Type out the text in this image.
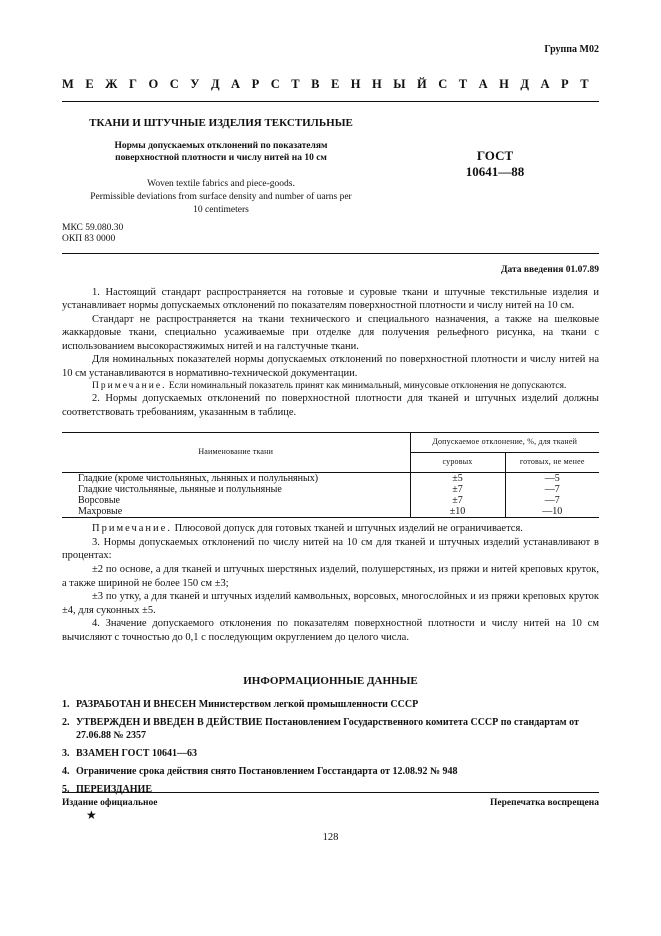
Группа М02
М Е Ж Г О С У Д А Р С Т В Е Н Н Ы Й С Т А Н Д А Р Т
ТКАНИ И ШТУЧНЫЕ ИЗДЕЛИЯ ТЕКСТИЛЬНЫЕ
Нормы допускаемых отклонений по показателям
поверхностной плотности и числу нитей на 10 см
Woven textile fabrics and piece-goods.
Permissible deviations from surface density and number of uarns per
10 centimeters
ГОСТ
10641—88
МКС 59.080.30
ОКП 83 0000
Дата введения 01.07.89

1. Настоящий стандарт распространяется на готовые и суровые ткани и штучные текстильные изделия и устанавливает нормы допускаемых отклонений по показателям поверхностной плотности и числу нитей на 10 см.

Стандарт не распространяется на ткани технического и специального назначения, а также на шелковые жаккардовые ткани, специально усаживаемые при отделке для получения рельефного рисунка, на ткани с использованием высокорастяжимых нитей и на галстучные ткани.

Для номинальных показателей нормы допускаемых отклонений по поверхностной плотности и числу нитей на 10 см устанавливаются в нормативно-технической документации.

Примечание. Если номинальный показатель принят как минимальный, минусовые отклонения не допускаются.

2. Нормы допускаемых отклонений по поверхностной плотности для тканей и штучных изделий должны соответствовать требованиям, указанным в таблице.

Наименование ткани	Допускаемое отклонение, %, для тканей	
	суровых	готовых, не менее
Гладкие (кроме чистольняных, льняных и полульняных)	±5	—5
Гладкие чистольняные, льняные и полульняные	±7	—7
Ворсовые	±7	—7
Махровые	±10	—10

Примечание. Плюсовой допуск для готовых тканей и штучных изделий не ограничивается.

3. Нормы допускаемых отклонений по числу нитей на 10 см для тканей и штучных изделий устанавливают в процентах:

±2 по основе, а для тканей и штучных шерстяных изделий, полушерстяных, из пряжи и нитей креповых круток, а также шириной не более 150 см ±3;

±3 по утку, а для тканей и штучных изделий камвольных, ворсовых, многослойных и из пряжи креповых круток ±4, для суконных ±5.

4. Значение допускаемого отклонения по показателям поверхностной плотности и числу нитей на 10 см вычисляют с точностью до 0,1 с последующим округлением до целого числа.

ИНФОРМАЦИОННЫЕ ДАННЫЕ
1. РАЗРАБОТАН И ВНЕСЕН Министерством легкой промышленности СССР
2. УТВЕРЖДЕН И ВВЕДЕН В ДЕЙСТВИЕ Постановлением Государственного комитета СССР по стандартам от 27.06.88 № 2357
3. ВЗАМЕН ГОСТ 10641—63
4. Ограничение срока действия снято Постановлением Госстандарта от 12.08.92 № 948
5. ПЕРЕИЗДАНИЕ
Издание официальное	Перепечатка воспрещена
★
128
